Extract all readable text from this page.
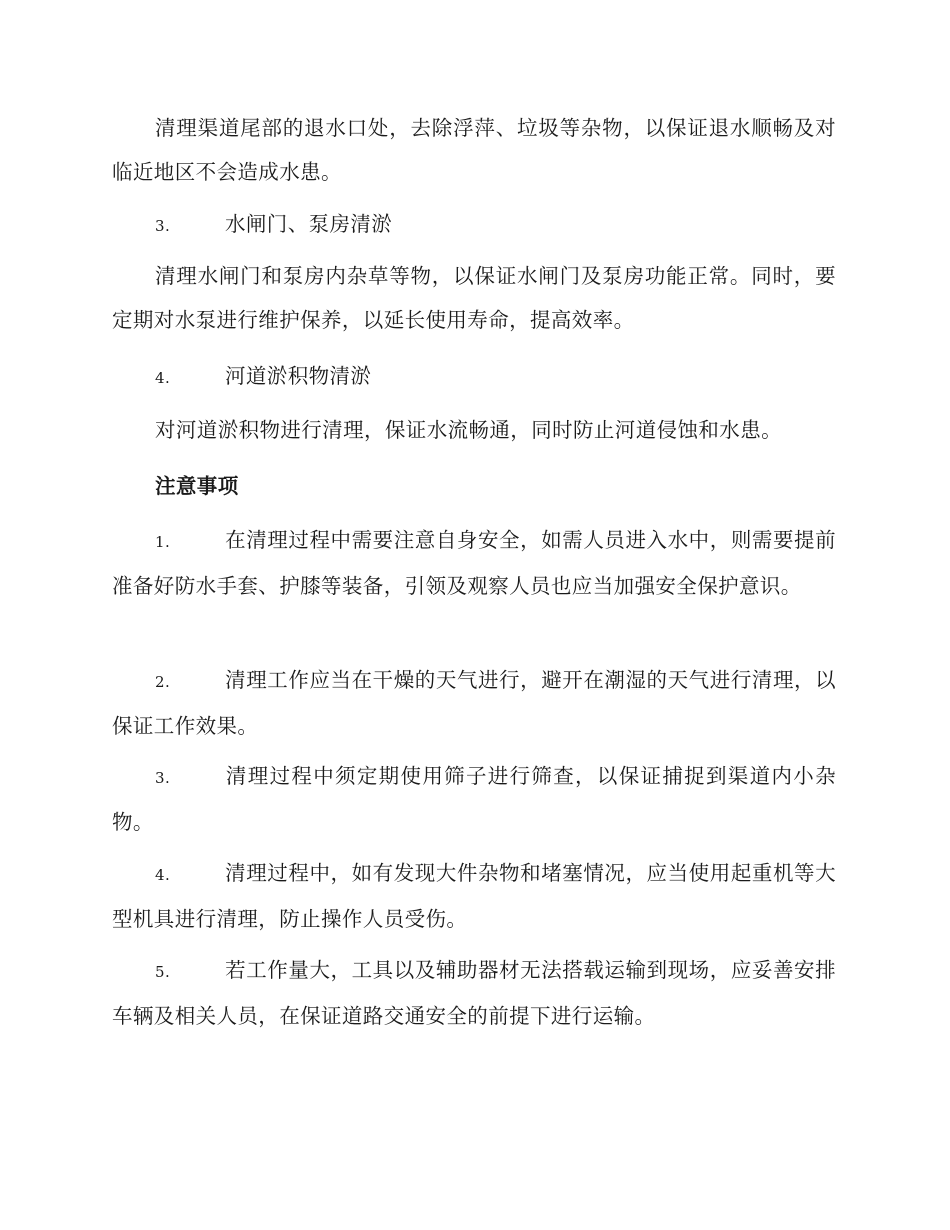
清理渠道尾部的退水口处，去除浮萍、垃圾等杂物，以保证退水顺畅及对临近地区不会造成水患。

3.	水闸门、泵房清淤

清理水闸门和泵房内杂草等物，以保证水闸门及泵房功能正常。同时，要定期对水泵进行维护保养，以延长使用寿命，提高效率。

4.	河道淤积物清淤

对河道淤积物进行清理，保证水流畅通，同时防止河道侵蚀和水患。

注意事项

1.	在清理过程中需要注意自身安全，如需人员进入水中，则需要提前准备好防水手套、护膝等装备，引领及观察人员也应当加强安全保护意识。

2.	清理工作应当在干燥的天气进行，避开在潮湿的天气进行清理，以保证工作效果。

3.	清理过程中须定期使用筛子进行筛查，以保证捕捉到渠道内小杂物。

4.	清理过程中，如有发现大件杂物和堵塞情况，应当使用起重机等大型机具进行清理，防止操作人员受伤。

5.	若工作量大，工具以及辅助器材无法搭载运输到现场，应妥善安排车辆及相关人员，在保证道路交通安全的前提下进行运输。
